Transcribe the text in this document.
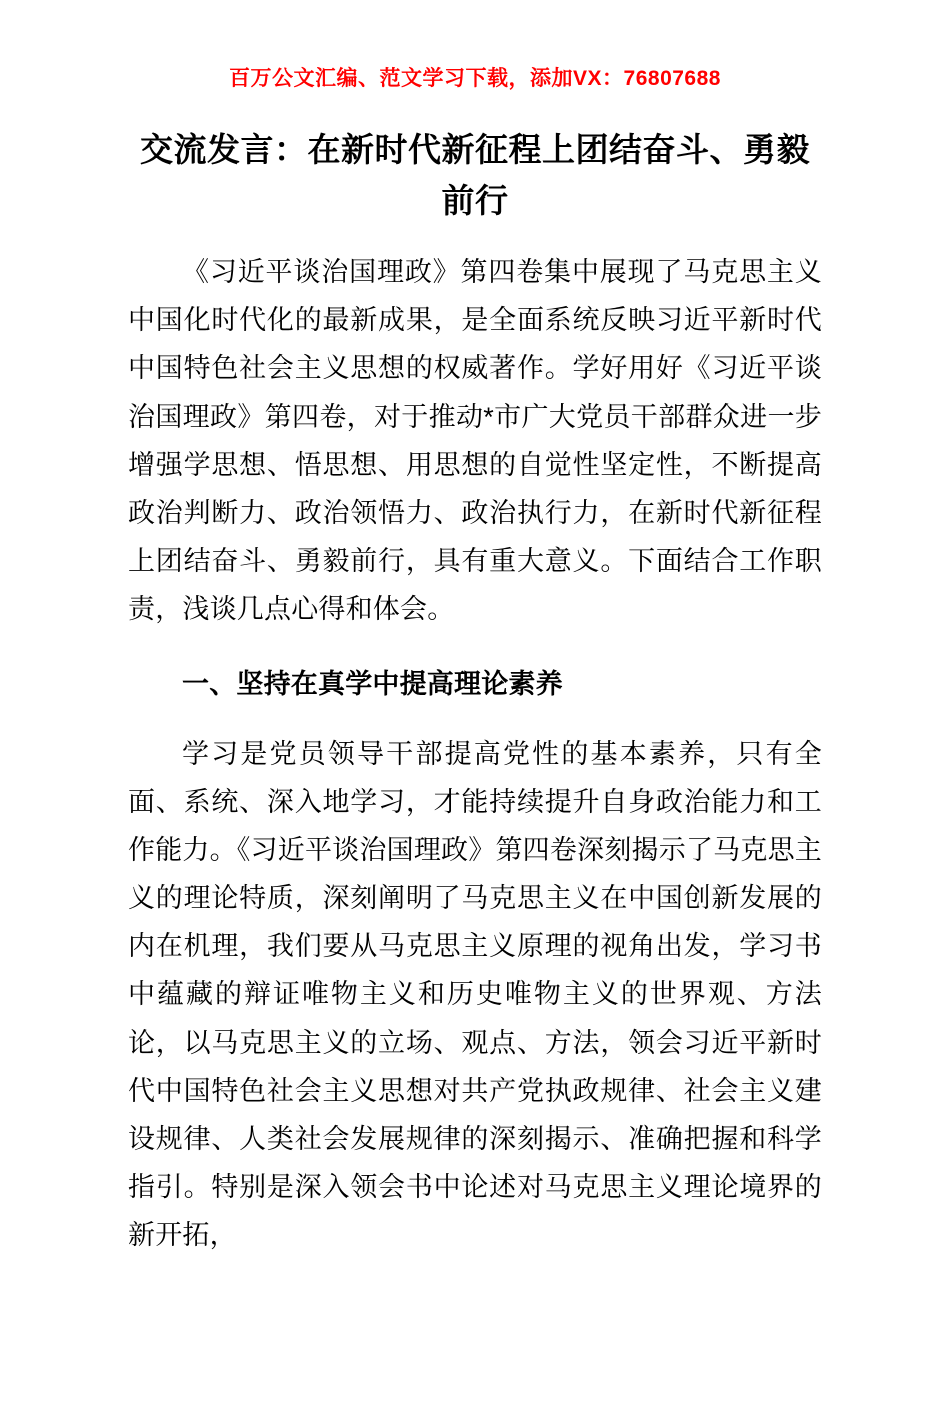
百万公文汇编、范文学习下载，添加VX：76807688
交流发言：在新时代新征程上团结奋斗、勇毅前行

《习近平谈治国理政》第四卷集中展现了马克思主义中国化时代化的最新成果，是全面系统反映习近平新时代中国特色社会主义思想的权威著作。学好用好《习近平谈治国理政》第四卷，对于推动*市广大党员干部群众进一步增强学思想、悟思想、用思想的自觉性坚定性，不断提高政治判断力、政治领悟力、政治执行力，在新时代新征程上团结奋斗、勇毅前行，具有重大意义。下面结合工作职责，浅谈几点心得和体会。

一、坚持在真学中提高理论素养

学习是党员领导干部提高党性的基本素养，只有全面、系统、深入地学习，才能持续提升自身政治能力和工作能力。《习近平谈治国理政》第四卷深刻揭示了马克思主义的理论特质，深刻阐明了马克思主义在中国创新发展的内在机理，我们要从马克思主义原理的视角出发，学习书中蕴藏的辩证唯物主义和历史唯物主义的世界观、方法论，以马克思主义的立场、观点、方法，领会习近平新时代中国特色社会主义思想对共产党执政规律、社会主义建设规律、人类社会发展规律的深刻揭示、准确把握和科学指引。特别是深入领会书中论述对马克思主义理论境界的新开拓，
